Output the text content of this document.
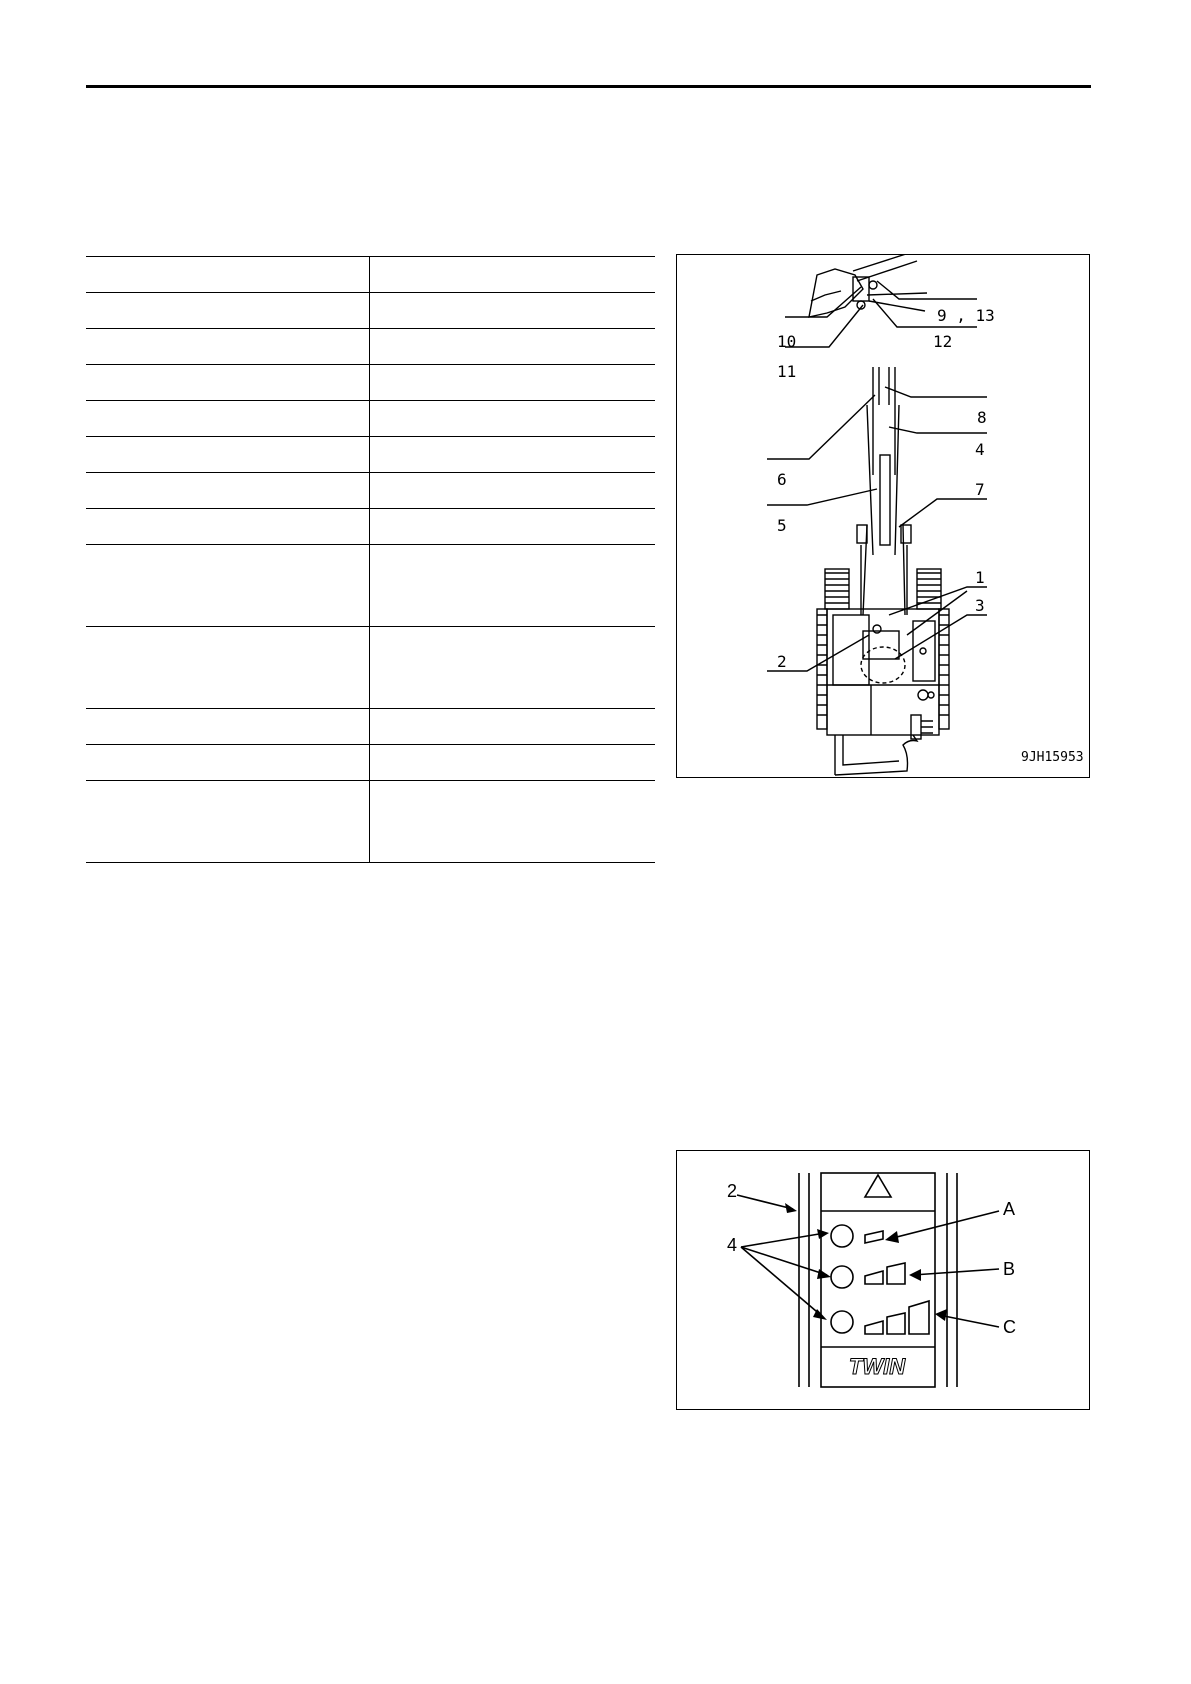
9 , 13
10
11
12
8
4
6
7
5
1
3
2
9JH15953
2
4
A
B
C
TWIN
